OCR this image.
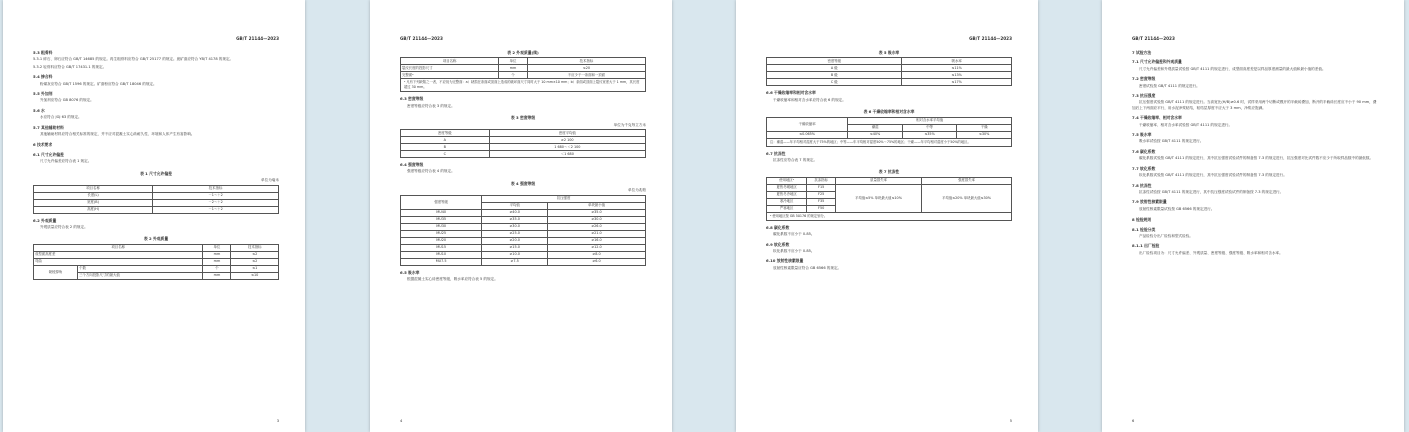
GB/T 21144—2023
5.3 粗骨料
5.3.1 碎石、卵石应符合 GB/T 14685 的规定。再生粗骨料应符合 GB/T 25177 的规定。废矿渣应符合 YB/T 4178 的规定。
5.3.2 轻骨料应符合 GB/T 17431.1 的规定。
5.4 掺合料
粉煤灰应符合 GB/T 1596 的规定。矿渣粉应符合 GB/T 18046 的规定。
5.5 外加剂
外加剂应符合 GB 8076 的规定。
5.6 水
水应符合 JGJ 63 的规定。
5.7 其他辅助材料
其他辅助材料应符合相关标准的规定，并不应对混凝土实心砖耐久性、环境和人体产生有害影响。
6 技术要求
6.1 尺寸允许偏差
尺寸允许偏差应符合表 1 规定。
表 1 尺寸允许偏差
单位为毫米
项目名称	技术指标
长度(L)	－1～＋2
宽度(B)	－2～＋2
高度(H)	－1～＋2
6.2 外观质量
外观质量应符合表 2 的规定。
表 2 外观质量
项目名称		单位	技术指标
成型面高度差		mm	≤2
弯曲		mm	≤2
缺棱掉角	个数	个	≤1
	三个方向投影尺寸的最大值	mm	≤10
3
GB/T 21144—2023
表 2 外观质量(续)
项目名称	单位	技术指标
裂纹长度的投影尺寸	mm	≤20
完整面ᵃ	个	不应少于一条面和一顶面
ᵃ 凡有下列缺陷之一者，不应视为完整面：a）缺损在条面或顶面上造成的破坏面尺寸同时大于 10 mm×10 mm；b）条面或顶面上裂纹宽度大于 1 mm，其长度超过 30 mm。
6.3 密度等级
密度等级应符合表 3 的规定。
表 3 密度等级
单位为千克每立方米
密度等级	密度平均值
A	≥2 100
B	1 680～＜2 100
C	＜1 680
6.4 强度等级
强度等级应符合表 4 的规定。
表 4 强度等级
单位为兆帕
强度等级	抗压强度	
	平均值	单块最小值
MU40	≥40.0	≥35.0
MU35	≥35.0	≥30.0
MU30	≥30.0	≥26.0
MU25	≥25.0	≥21.0
MU20	≥20.0	≥16.0
MU15	≥15.0	≥12.0
MU10	≥10.0	≥8.0
MU7.5	≥7.5	≥6.0
6.5 吸水率
根据混凝土实心砖密度等级，吸水率应符合表 5 的规定。
4
GB/T 21144—2023
表 5 吸水率
密度等级	吸水率
A 级	≤11%
B 级	≤13%
C 级	≤17%
6.6 干燥收缩率和相对含水率
干燥收缩率和相对含水率应符合表 6 的规定。
表 6 干燥收缩率和相对含水率
干燥收缩率	相对含水率平均值		
	潮湿	中等	干燥
≤0.065%	≤40%	≤35%	≤30%
注：潮湿——年平均相对湿度大于75%的地区；中等——年平均相对湿度50%～75%的地区；干燥——年平均相对湿度小于50%的地区。
6.7 抗冻性
抗冻性应符合表 7 的规定。
表 7 抗冻性
使用地区ᵃ	抗冻指标	质量损失率	强度损失率
夏热冬暖地区	F15	平均值≤5% 单块最大值≤10%	平均值≤20% 单块最大值≤30%
夏热冬冷地区	F25		
寒冷地区	F35		
严寒地区	F50		
ᵃ 使用地区按 GB 50176 的规定划分。
6.8 碳化系数
碳化系数不应小于 0.85。
6.9 软化系数
软化系数不应小于 0.85。
6.10 放射性核素限量
放射性核素限量应符合 GB 6566 的规定。
5
GB/T 21144—2023
7 试验方法
7.1 尺寸允许偏差和外观质量
尺寸允许偏差和外观质量试验按 GB/T 4111 的规定进行，成型面高度差是以样品厚度测量的最大值和最小值的差值。
7.2 密度等级
密度试验按 GB/T 4111 的规定进行。
7.3 抗压强度
抗压强度试验按 GB/T 4111 的规定进行。当高宽比(H/B)≥0.6 时，试样采用两个切断或模开的半截砖叠加，断开的半截砖长度应不小于 90 mm，叠加后上下两面应平行，用水泥净浆粘结，粘结层厚度不应大于 3 mm，净浆应饱满。
7.4 干燥收缩率、相对含水率
干燥收缩率、相对含水率试验按 GB/T 4111 的规定进行。
7.5 吸水率
吸水率试验按 GB/T 4111 的规定进行。
7.6 碳化系数
碳化系数试验按 GB/T 4111 的规定进行，其中抗压强度试验试件的制备按 7.3 的规定进行，抗压强度对比试件数不应少于所取样品数中的最低数。
7.7 软化系数
软化系数试验按 GB/T 4111 的规定进行，其中抗压强度试验试件的制备按 7.3 的规定进行。
7.8 抗冻性
抗冻性试验按 GB/T 4111 的规定进行，其中抗压强度试验试件的制备按 7.3 的规定进行。
7.9 放射性核素限量
放射性核素限量试验按 GB 6566 的规定进行。
8 检验规则
8.1 检验分类
产品检验分出厂检验和型式检验。
8.1.1 出厂检验
出厂检验项目为：尺寸允许偏差、外观质量、密度等级、强度等级、吸水率和相对含水率。
6
